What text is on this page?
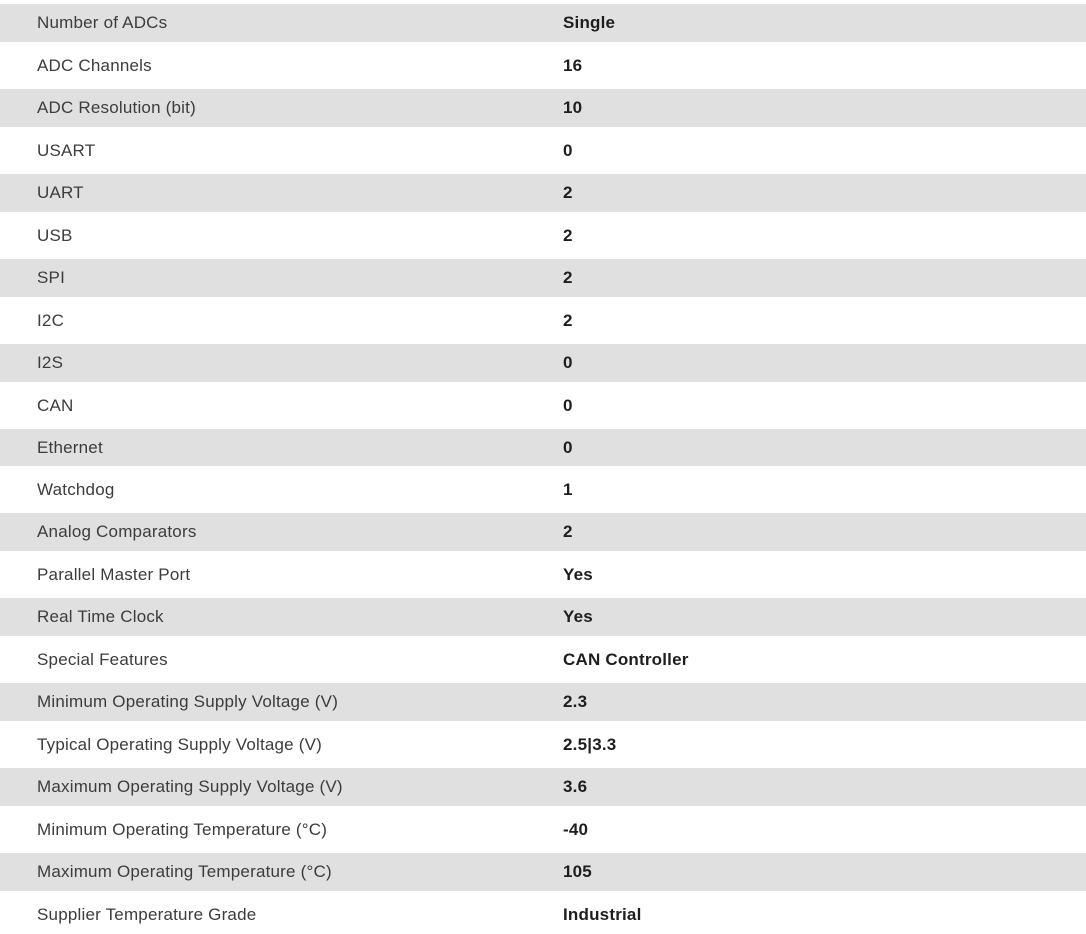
Number of ADCs	Single
ADC Channels	16
ADC Resolution (bit)	10
USART	0
UART	2
USB	2
SPI	2
I2C	2
I2S	0
CAN	0
Ethernet	0
Watchdog	1
Analog Comparators	2
Parallel Master Port	Yes
Real Time Clock	Yes
Special Features	CAN Controller
Minimum Operating Supply Voltage (V)	2.3
Typical Operating Supply Voltage (V)	2.5|3.3
Maximum Operating Supply Voltage (V)	3.6
Minimum Operating Temperature (°C)	-40
Maximum Operating Temperature (°C)	105
Supplier Temperature Grade	Industrial
